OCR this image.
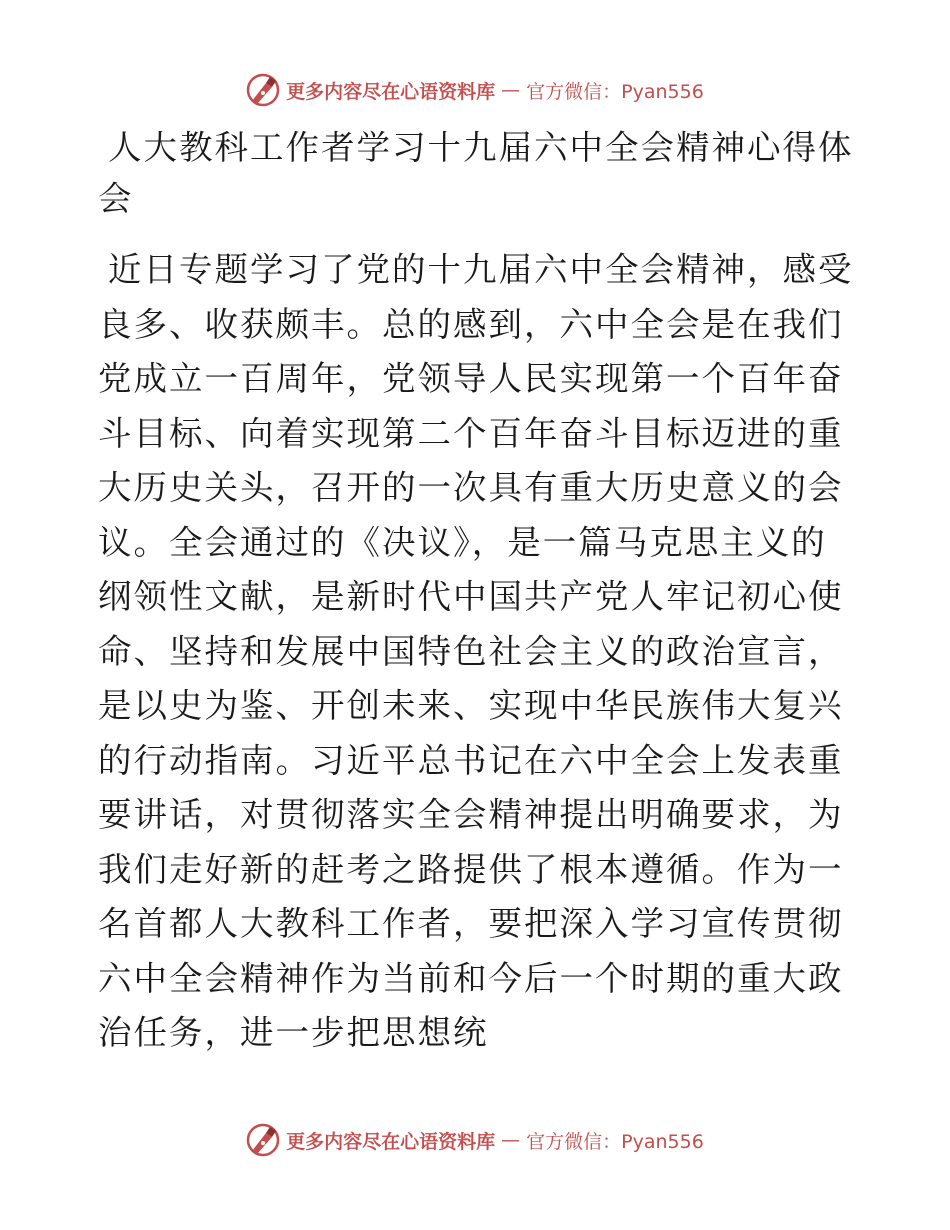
更多内容尽在心语资料库 — 官方微信：Pyan556
人大教科工作者学习十九届六中全会精神心得体会

近日专题学习了党的十九届六中全会精神，感受良多、收获颇丰。总的感到，六中全会是在我们党成立一百周年，党领导人民实现第一个百年奋斗目标、向着实现第二个百年奋斗目标迈进的重大历史关头，召开的一次具有重大历史意义的会议。全会通过的《决议》，是一篇马克思主义的纲领性文献，是新时代中国共产党人牢记初心使命、坚持和发展中国特色社会主义的政治宣言，是以史为鉴、开创未来、实现中华民族伟大复兴的行动指南。习近平总书记在六中全会上发表重要讲话，对贯彻落实全会精神提出明确要求，为我们走好新的赶考之路提供了根本遵循。作为一名首都人大教科工作者，要把深入学习宣传贯彻六中全会精神作为当前和今后一个时期的重大政治任务，进一步把思想统

更多内容尽在心语资料库 — 官方微信：Pyan556
